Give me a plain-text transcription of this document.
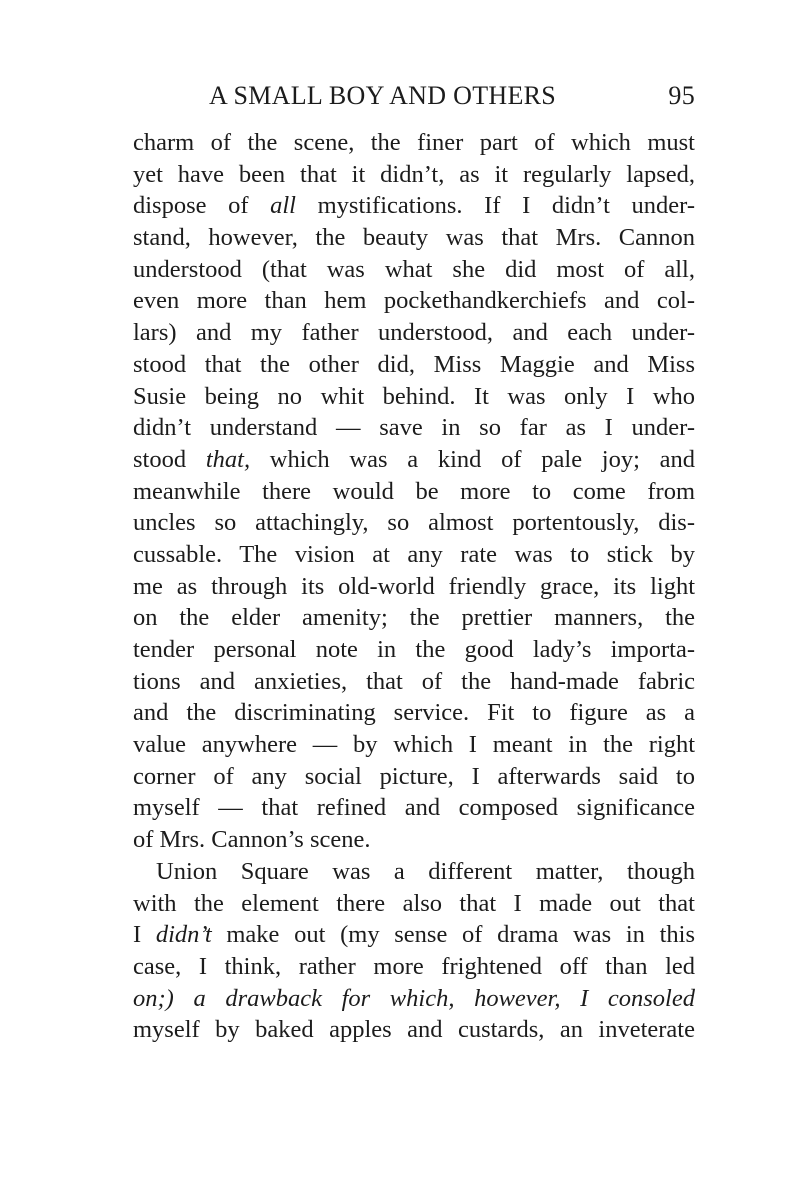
A SMALL BOY AND OTHERS	95
charm of the scene, the finer part of which must
yet have been that it didn’t, as it regularly lapsed,
dispose of all mystifications. If I didn’t under-
stand, however, the beauty was that Mrs. Cannon
understood (that was what she did most of all,
even more than hem pockethandkerchiefs and col-
lars) and my father understood, and each under-
stood that the other did, Miss Maggie and Miss
Susie being no whit behind. It was only I who
didn’t understand — save in so far as I under-
stood that, which was a kind of pale joy; and
meanwhile there would be more to come from
uncles so attachingly, so almost portentously, dis-
cussable. The vision at any rate was to stick by
me as through its old-world friendly grace, its light
on the elder amenity; the prettier manners, the
tender personal note in the good lady’s importa-
tions and anxieties, that of the hand-made fabric
and the discriminating service. Fit to figure as a
value anywhere — by which I meant in the right
corner of any social picture, I afterwards said to
myself — that refined and composed significance
of Mrs. Cannon’s scene.
Union Square was a different matter, though
with the element there also that I made out that
I didn’t make out (my sense of drama was in this
case, I think, rather more frightened off than led
on;) a drawback for which, however, I consoled
myself by baked apples and custards, an inveterate
